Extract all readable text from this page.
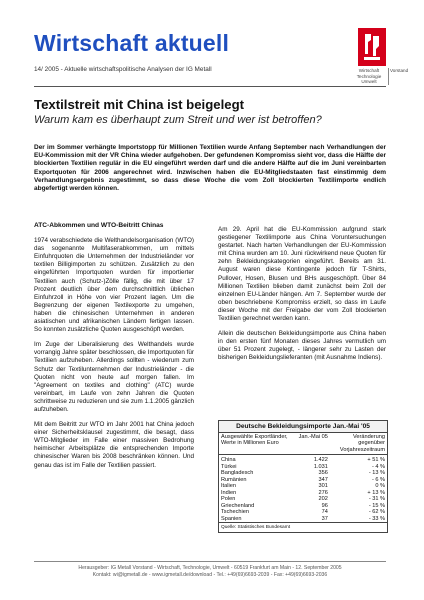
Wirtschaft aktuell
14/ 2005 - Aktuelle wirtschaftspolitische Analysen der IG Metall	Wirtschaft
Technologie
Umwelt
Vorstand
Textilstreit mit China ist beigelegt
Warum kam es überhaupt zum Streit und wer ist betroffen?
Der im Sommer verhängte Importstopp für Millionen Textilien wurde Anfang September nach Verhandlungen der EU-Kommission mit der VR China wieder aufgehoben. Der gefundenen Kompromiss sieht vor, dass die Hälfte der blockierten Textilien regulär in die EU eingeführt werden darf und die andere Hälfte auf die im Juni vereinbarten Exportquoten für 2006 angerechnet wird. Inzwischen haben die EU-Mitgliedstaaten fast einstimmig dem Verhandlungsergebnis zugestimmt, so dass diese Woche die vom Zoll blockierten Textilimporte endlich abgefertigt werden können.
ATC-Abkommen und WTO-Beitritt Chinas

1974 verabschiedete die Welthandelsorganisation (WTO) das sogenannte Multifaserabkommen, um mittels Einfuhrquoten die Unternehmen der Industrieländer vor textilen Billigimporten zu schützen. Zusätzlich zu den eingeführten Importquoten wurden für importierter Textilien auch (Schutz-)Zölle fällig, die mit über 17 Prozent deutlich über dem durchschnittlich üblichen Einfuhrzoll in Höhe von vier Prozent lagen. Um die Begrenzung der eigenen Textilexporte zu umgehen, haben die chinesischen Unternehmen in anderen asiatischen und afrikanischen Ländern fertigen lassen. So konnten zusätzliche Quoten ausgeschöpft werden.

Im Zuge der Liberalisierung des Welthandels wurde vorrangig Jahre später beschlossen, die Importquoten für Textilien aufzuheben. Allerdings sollten - wiederum zum Schutz der Textilunternehmen der Industrieländer - die Quoten nicht von heute auf morgen fallen. Im "Agreement on textiles and clothing" (ATC) wurde vereinbart, im Laufe von zehn Jahren die Quoten schrittweise zu reduzieren und sie zum 1.1.2005 gänzlich aufzuheben.

Mit dem Beitritt zur WTO im Jahr 2001 hat China jedoch einer Sicherheitsklausel zugestimmt, die besagt, dass WTO-Mitglieder im Falle einer massiven Bedrohung heimischer Arbeitsplätze die entsprechenden Importe chinesischer Waren bis 2008 beschränken können. Und genau das ist im Falle der Textilien passiert.

Am 29. April hat die EU-Kommission aufgrund stark gestiegener Textilimporte aus China Voruntersuchungen gestartet. Nach harten Verhandlungen der EU-Kommission mit China wurden am 10. Juni rückwirkend neue Quoten für zehn Bekleidungskategorien eingeführt. Bereits am 31. August waren diese Kontingente jedoch für T-Shirts, Pullover, Hosen, Blusen und BHs ausgeschöpft. Über 84 Millionen Textilien blieben damit zunächst beim Zoll der einzelnen EU-Länder hängen. Am 7. September wurde der oben beschriebene Kompromiss erzielt, so dass im Laufe dieser Woche mit der Freigabe der vom Zoll blockierten Textilien gerechnet werden kann.

Allein die deutschen Bekleidungsimporte aus China haben in den ersten fünf Monaten dieses Jahres vermutlich um über 51 Prozent zugelegt, - längerer sehr zu Lasten der bisherigen Bekleidungslieferanten (mit Ausnahme Indiens).

Deutsche Bekleidungsimporte Jan.-Mai '05
Ausgewählte Exportländer, Werte in Millionen Euro	Jan.-Mai 05	Veränderung gegenüber Vorjahreszeitraum
China	1.422	+ 51 %
Türkei	1.031	- 4 %
Bangladesch	356	- 13 %
Rumänien	347	- 6 %
Italien	301	0 %
Indien	276	+ 13 %
Polen	202	- 31 %
Griechenland	96	- 15 %
Tschechien	74	- 62 %
Spanien	37	- 33 %
Quelle: Statistisches Bundesamt
Herausgeber: IG Metall Vorstand - Wirtschaft, Technologie, Umwelt - 60519 Frankfurt am Main - 12. September 2005
Kontakt: wi@igmetall.de - www.igmetall.de/download - Tel.: +49(69)6693-2039 - Fax: +49(69)6693-2036
